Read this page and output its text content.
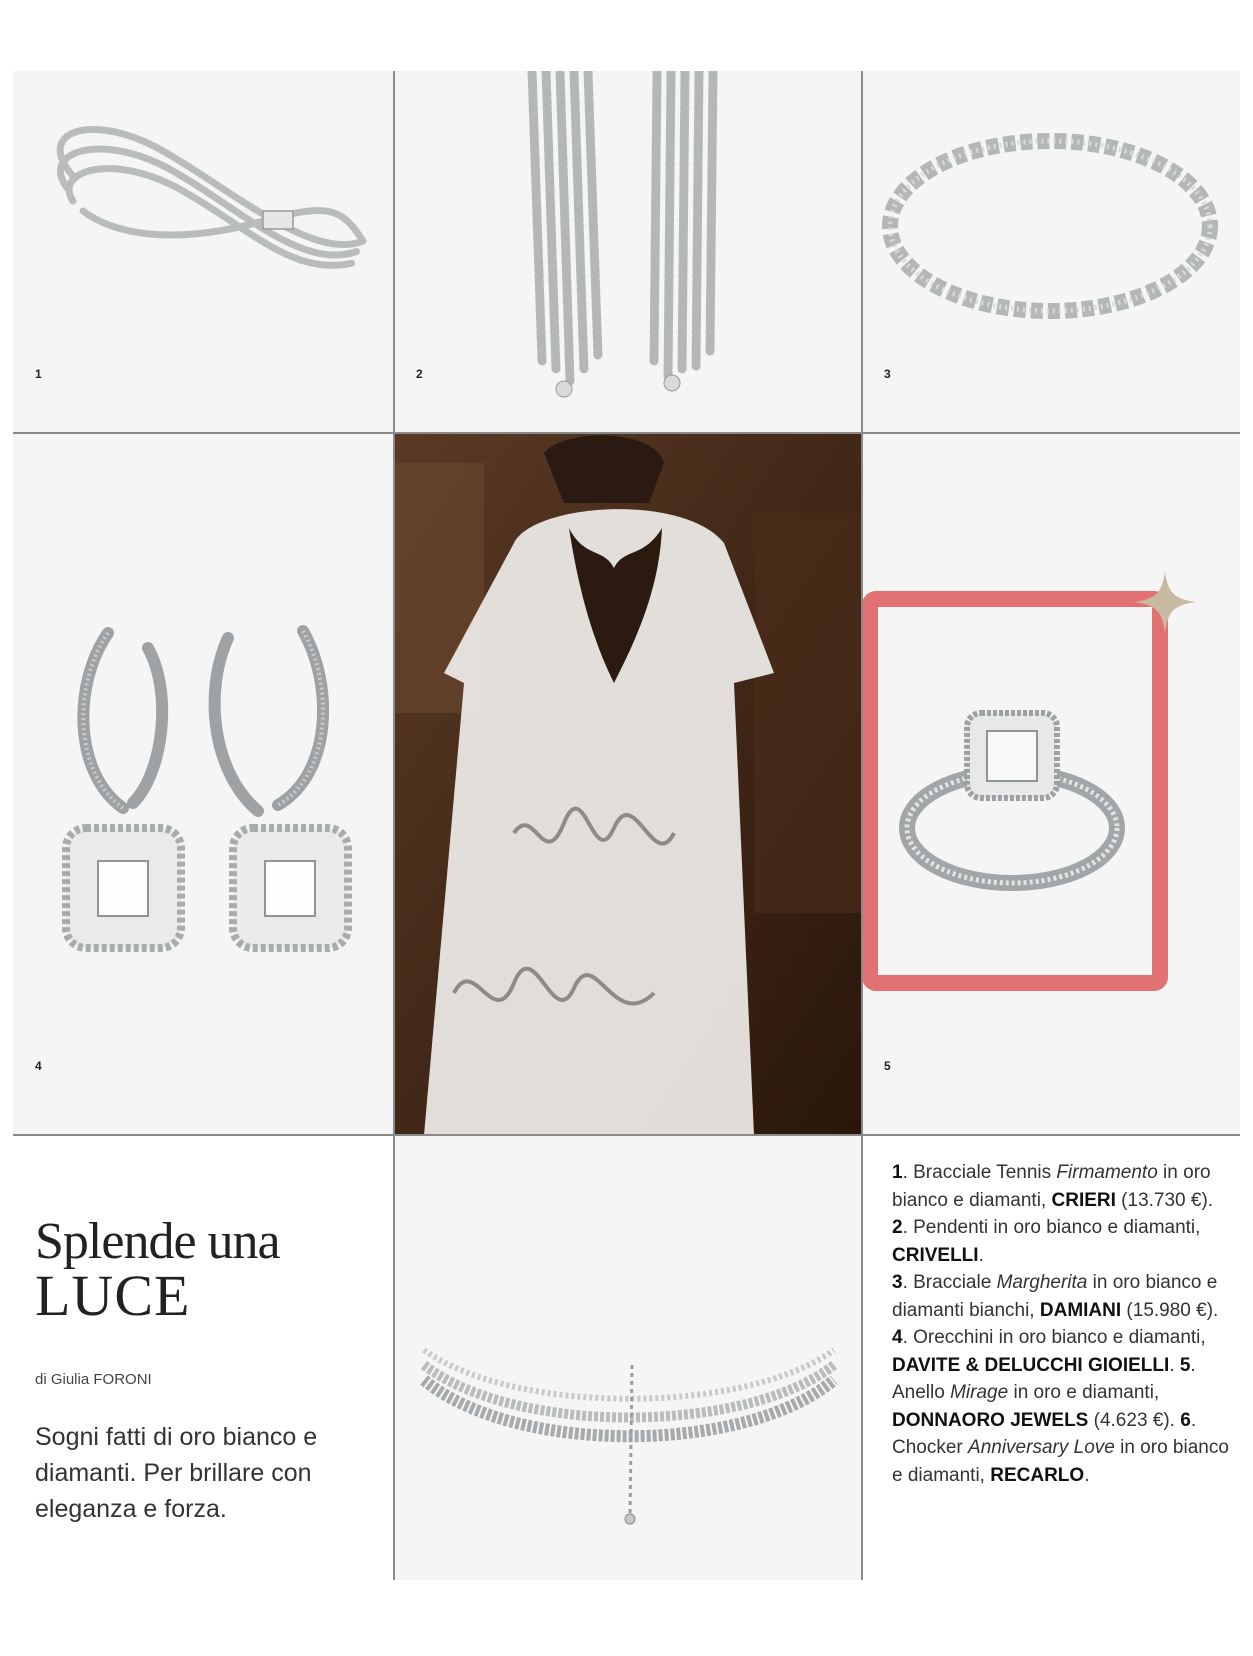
1	2	3
4	5
Splende una
LUCE
di Giulia FORONI
Sogni fatti di oro bianco e diamanti. Per brillare con eleganza e forza.
1. Bracciale Tennis Firmamento in oro bianco e diamanti, CRIERI (13.730 €).
2. Pendenti in oro bianco e diamanti, CRIVELLI.
3. Bracciale Margherita in oro bianco e diamanti bianchi, DAMIANI (15.980 €).
4. Orecchini in oro bianco e diamanti, DAVITE & DELUCCHI GIOIELLI. 5. Anello Mirage in oro e diamanti, DONNAORO JEWELS (4.623 €). 6. Chocker Anniversary Love in oro bianco e diamanti, RECARLO.
